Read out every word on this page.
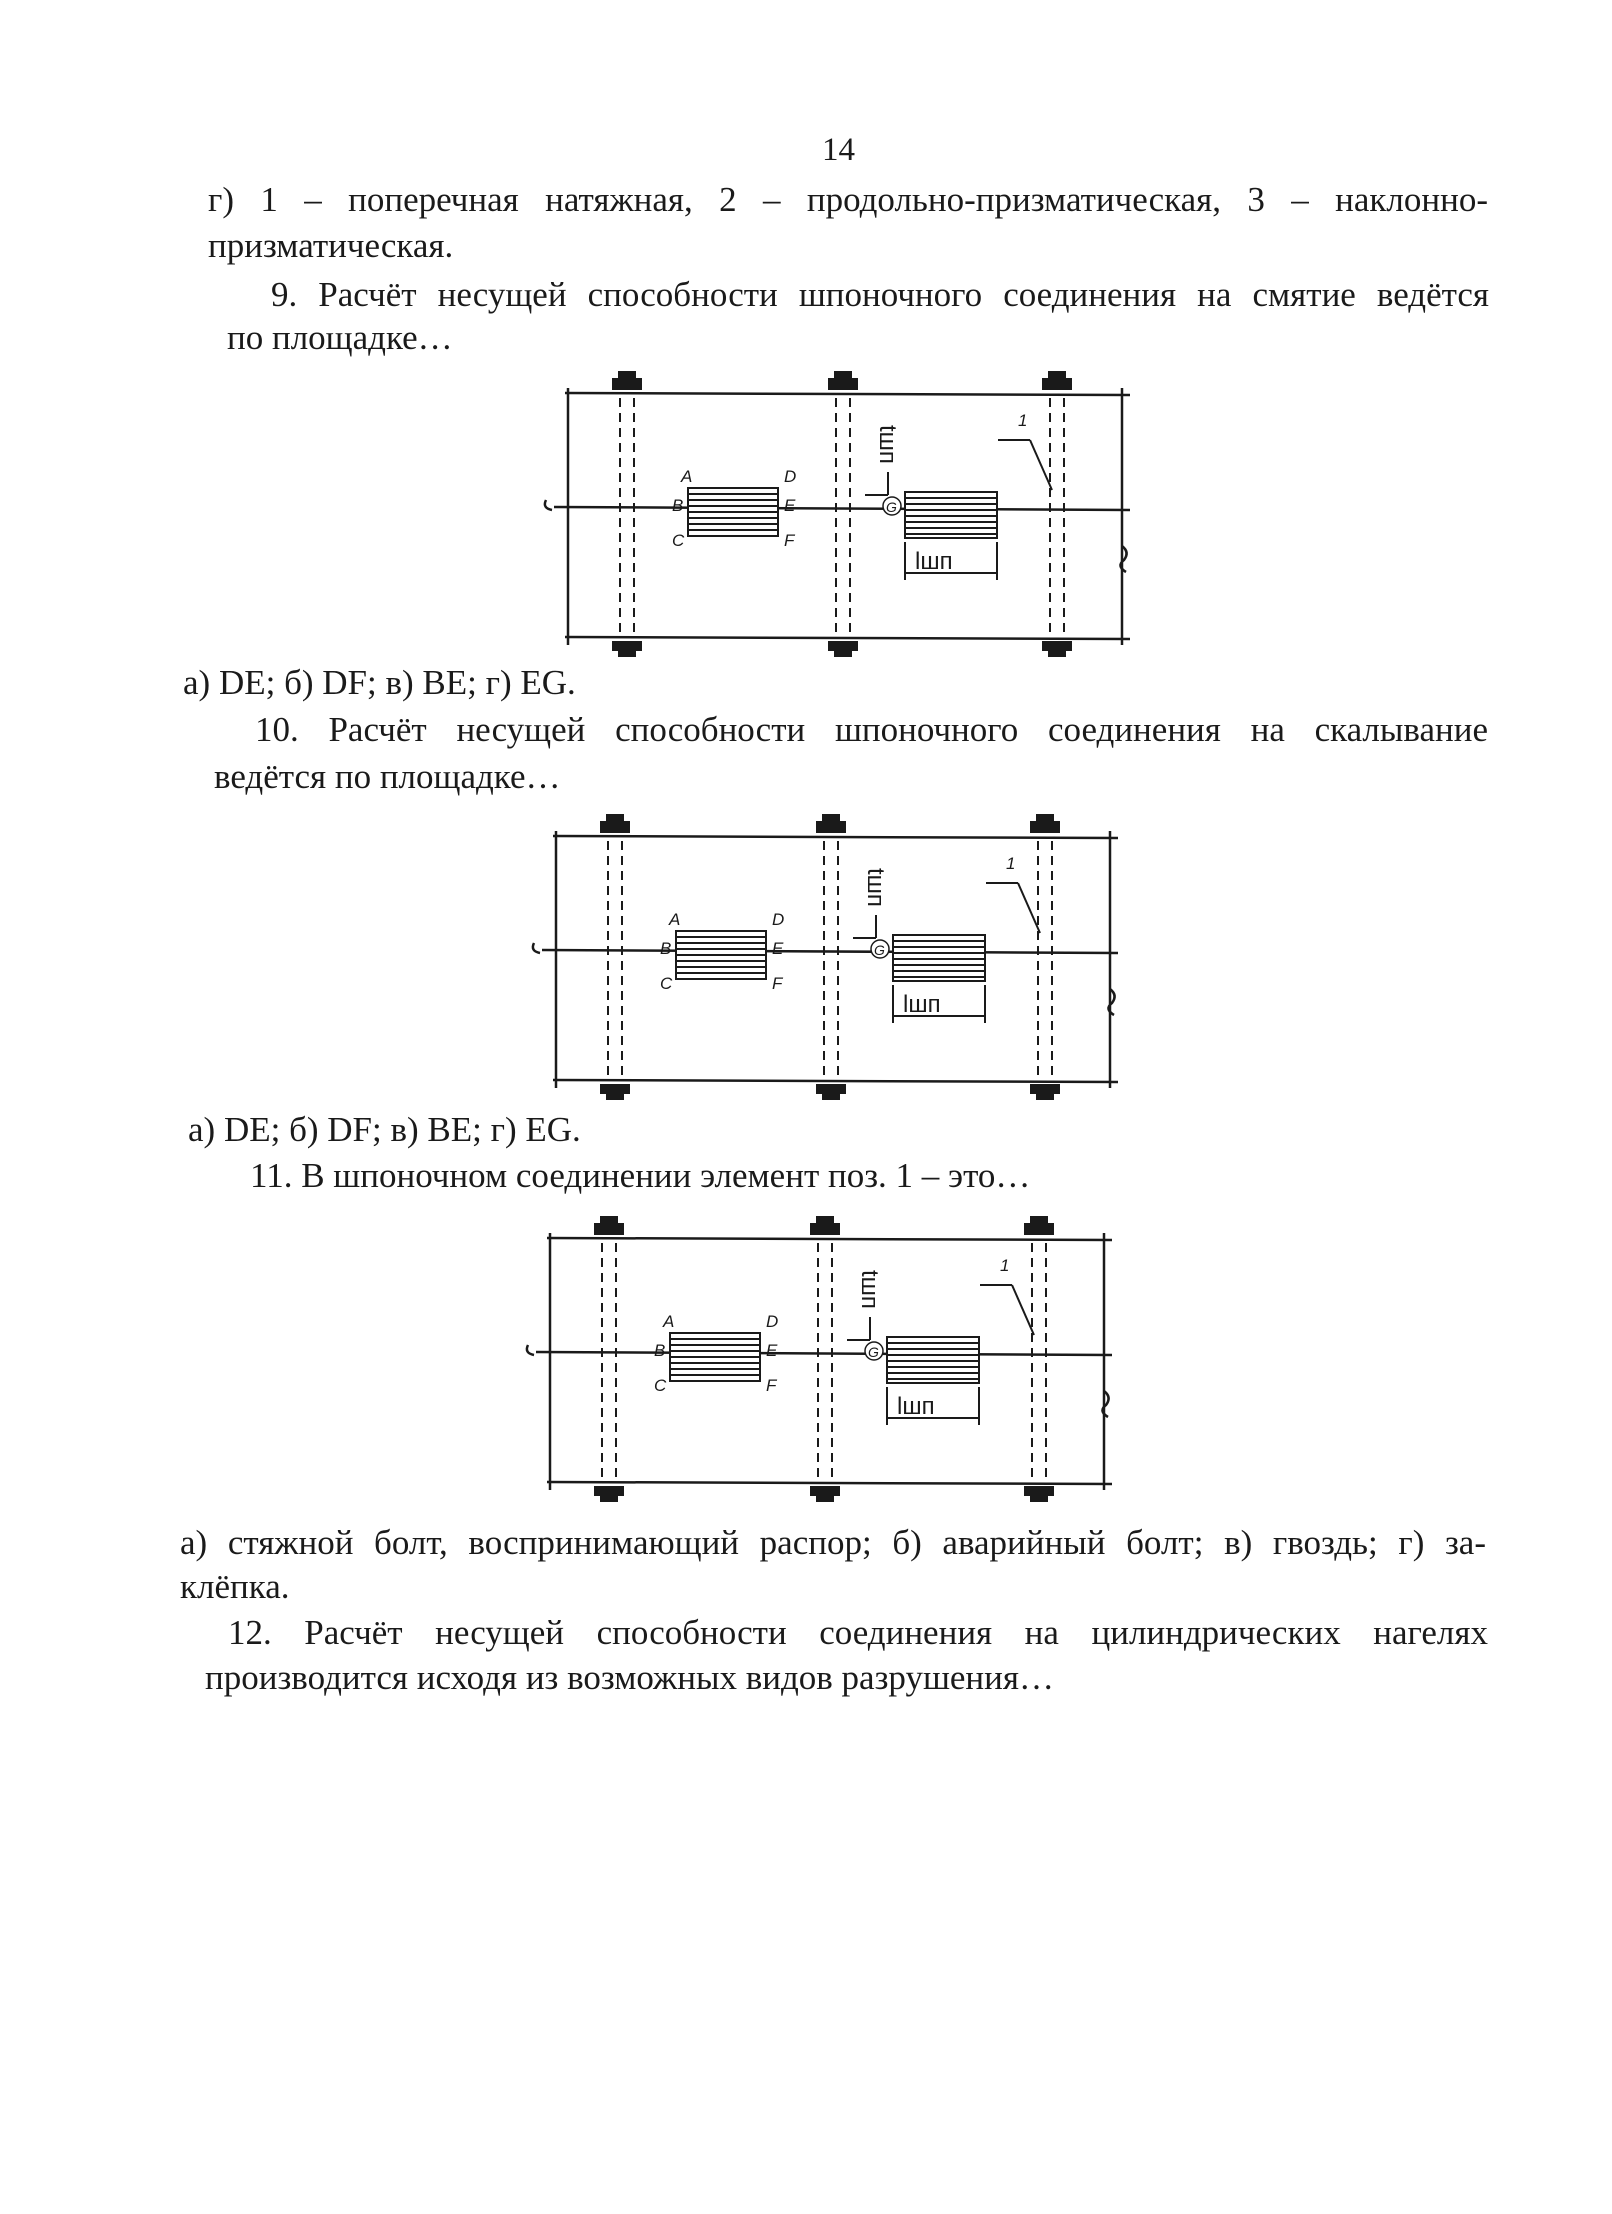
14
г) 1 – поперечная натяжная, 2 – продольно-призматическая, 3 – наклонно-
призматическая.
9. Расчёт несущей способности шпоночного соединения на смятие ведётся
по площадке…
A
B
C
D
E
F
G
1
tшп
lшп
а) DE; б) DF; в) BE; г) EG.
10. Расчёт несущей способности шпоночного соединения на скалывание
ведётся по площадке…
A
B
C
D
E
F
G
1
tшп
lшп
а) DE; б) DF; в) BE; г) EG.
11. В шпоночном соединении элемент поз. 1 – это…
A
B
C
D
E
F
G
1
tшп
lшп
а) стяжной болт, воспринимающий распор; б) аварийный болт; в) гвоздь; г) за-
клёпка.
12. Расчёт несущей способности соединения на цилиндрических нагелях
производится исходя из возможных видов разрушения…
